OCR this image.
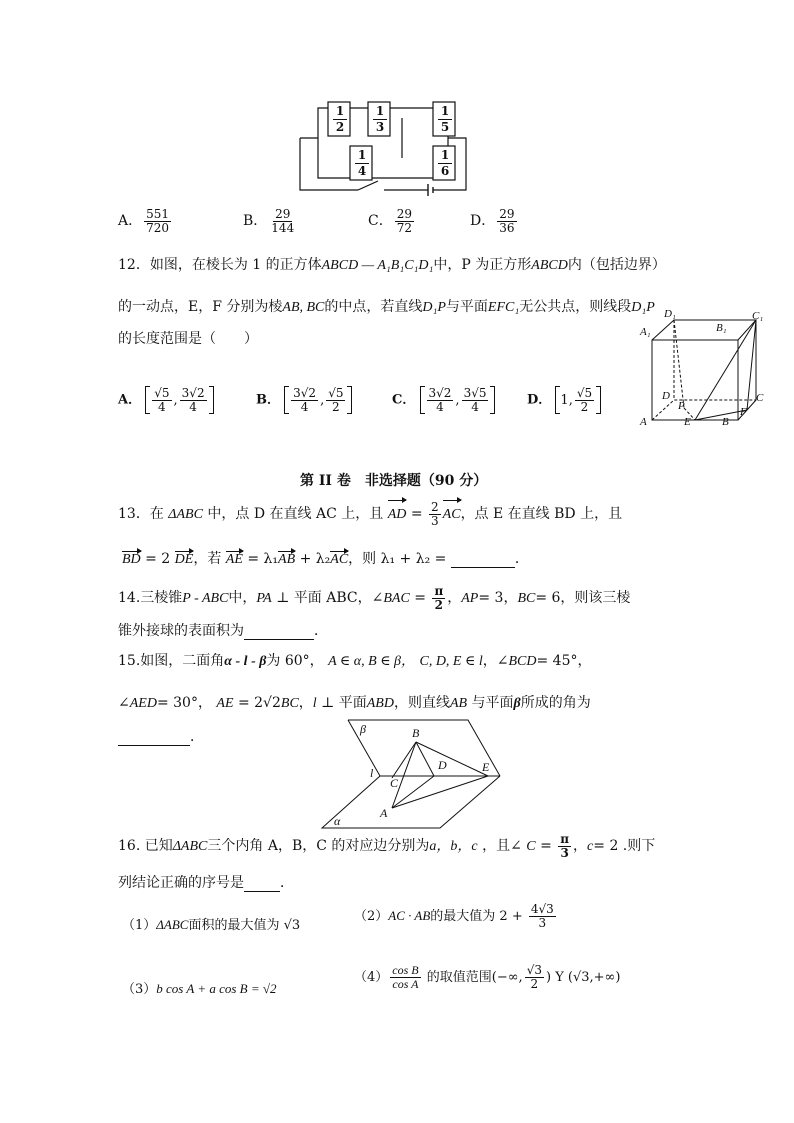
$\frac{1}{2} \frac{1}{3}$	$\frac{1}{5}$
$\frac{1}{4}$	$\frac{1}{6}$
A． $\frac{551}{720}$	B． $\frac{29}{144}$	C． $\frac{29}{72}$	D． $\frac{29}{36}$
12．如图，在棱长为 1 的正方体ABCD — A₁B₁C₁D₁中，P 为正方形ABCD内（包括边界）
的一动点，E，F 分别为棱AB, BC的中点，若直线D₁P与平面EFC₁无公共点，则线段D₁P
的长度范围是（　　）
A． $\frac{√5}{4}$ , $\frac{3√2}{4}$	B． $\frac{3√2}{4}$ , $\frac{√5}{2}$	C． $\frac{3√2}{4}$ , $\frac{3√5}{4}$	D． 1, $\frac{√5}{2}$
D₁	C₁
A₁	B₁
D
P
C
A	E	B
F
第 II 卷　非选择题（90 分）
13．在 ΔABC 中，点 D 在直线 AC 上，且 AD = $\frac{2}{3}$ AC，点 E 在直线 BD 上，且
BD = 2 DE，若 AE = λ₁AB + λ₂AC，则 λ₁ + λ₂ =	．
14.三棱锥P - ABC中，PA ⊥ 平面 ABC，∠BAC = $\frac{\pi}{2}$ ，AP= 3，BC= 6，则该三棱
锥外接球的表面积为	．
15.如图，二面角α - l - β为 60°， A ∈ α, B ∈ β， C, D, E ∈ l，∠BCD= 45°，
∠AED= 30°， AE = 2√2BC，l ⊥ 平面ABD，则直线AB 与平面β所成的角为
．	β	B
l
C
D	E
A
α
16. 已知ΔABC三个内角 A，B，C 的对应边分别为a，b，c ，且∠ $C = \frac{\pi}{3}$ ，c= 2 .则下
列结论正确的序号是	．
（1）ΔABC面积的最大值为 √3
（2）AC · AB的最大值为 $2 + \frac{4√3}{3}$
（3）b cos A + a cos B = √2
$(4) \frac{\text{cos B}}{\text{cos A}}$ 的取值范围(−∞, $\frac{√3}{2}$ ) Y (√3,+∞)
